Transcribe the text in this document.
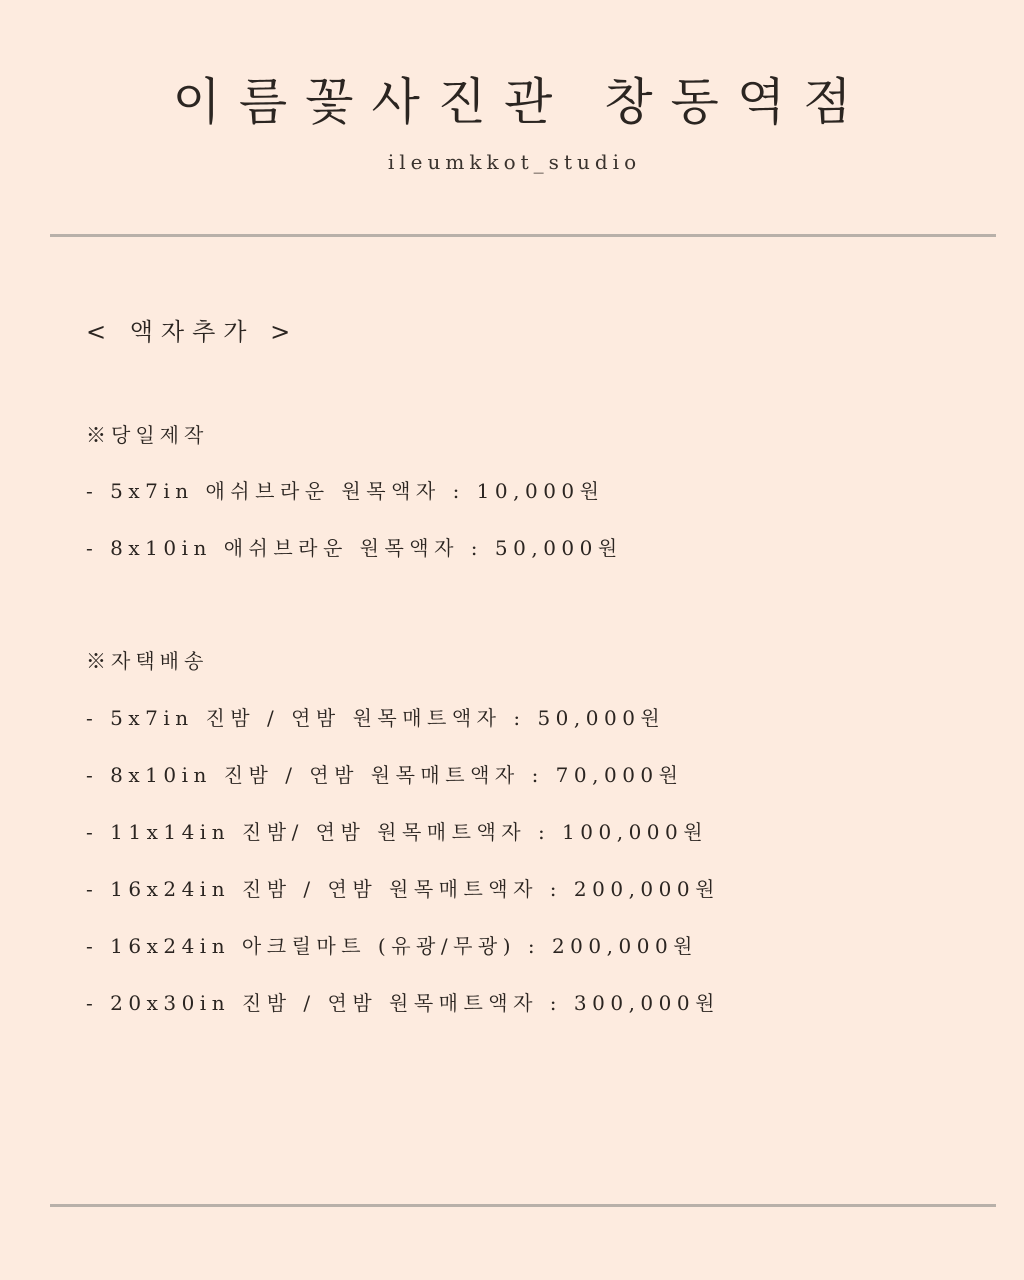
이름꽃사진관 창동역점
ileumkkot_studio
< 액자추가 >
※당일제작
- 5x7in 애쉬브라운 원목액자 : 10,000원
- 8x10in 애쉬브라운 원목액자 : 50,000원
※자택배송
- 5x7in 진밤 / 연밤 원목매트액자 : 50,000원
- 8x10in 진밤 / 연밤 원목매트액자 : 70,000원
- 11x14in 진밤/ 연밤 원목매트액자 : 100,000원
- 16x24in 진밤 / 연밤 원목매트액자 : 200,000원
- 16x24in 아크릴마트 (유광/무광) : 200,000원
- 20x30in 진밤 / 연밤 원목매트액자 : 300,000원
